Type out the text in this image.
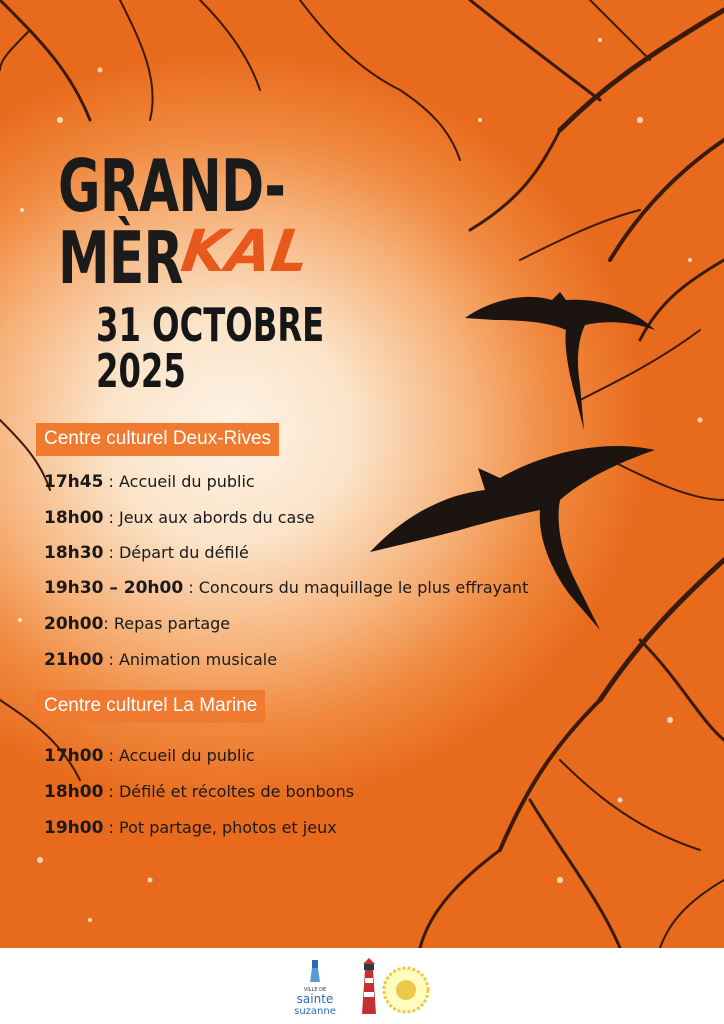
GRAND-MÈR
KAL
31 OCTOBRE 2025
Centre culturel Deux-Rives
17h45 : Accueil du public
18h00 : Jeux aux abords du case
18h30 : Départ du défilé
19h30 – 20h00 : Concours du maquillage le plus effrayant
20h00: Repas partage
21h00 : Animation musicale
Centre culturel La Marine
17h00 : Accueil du public
18h00 : Défilé et récoltes de bonbons
19h00 : Pot partage, photos et jeux
VILLE DE
sainte
suzanne
